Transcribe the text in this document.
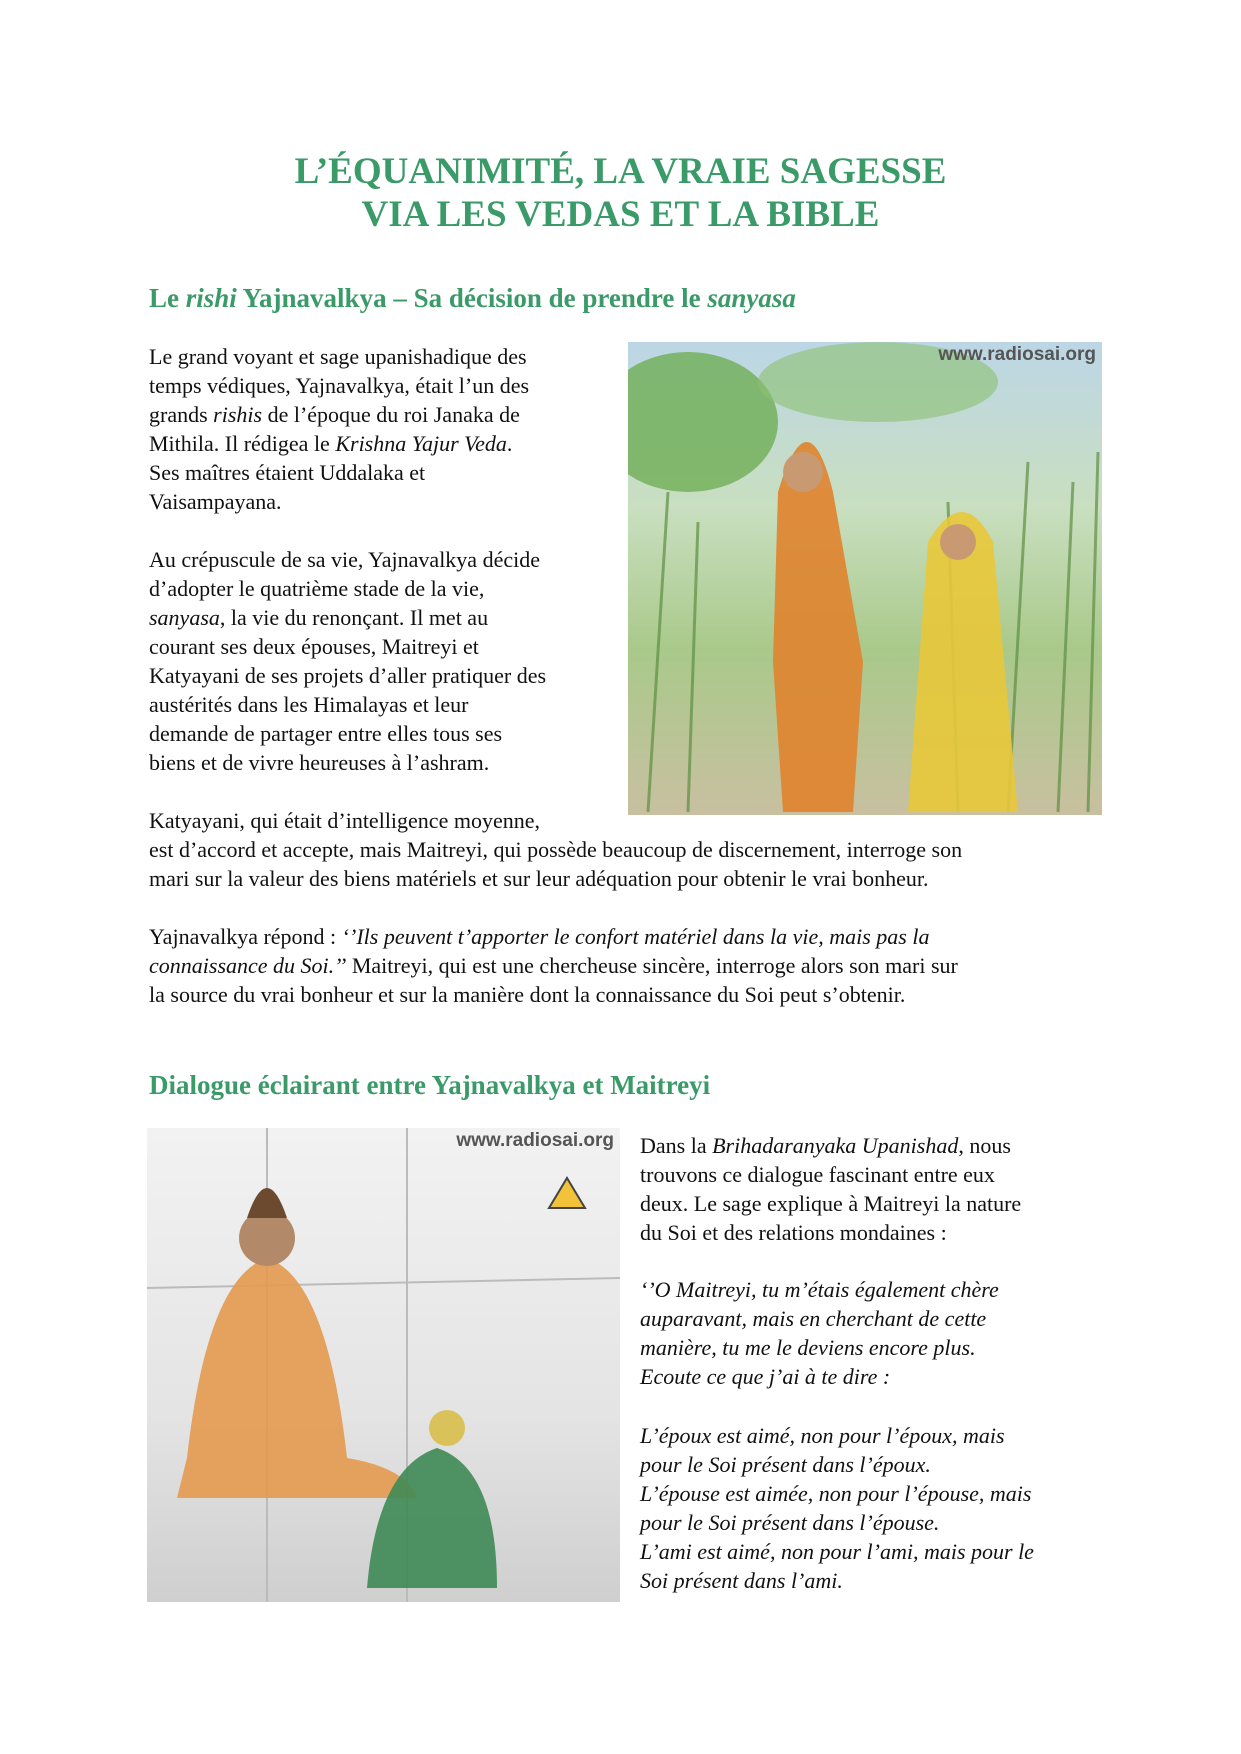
L’ÉQUANIMITÉ, LA VRAIE SAGESSE
VIA LES VEDAS ET LA BIBLE
Le rishi Yajnavalkya – Sa décision de prendre le sanyasa
www.radiosai.org
Le grand voyant et sage upanishadique des
temps védiques, Yajnavalkya, était l’un des
grands rishis de l’époque du roi Janaka de
Mithila. Il rédigea le Krishna Yajur Veda.
Ses maîtres étaient Uddalaka et
Vaisampayana.
Au crépuscule de sa vie, Yajnavalkya décide
d’adopter le quatrième stade de la vie,
sanyasa, la vie du renonçant. Il met au
courant ses deux épouses, Maitreyi et
Katyayani de ses projets d’aller pratiquer des
austérités dans les Himalayas et leur
demande de partager entre elles tous ses
biens et de vivre heureuses à l’ashram.
Katyayani, qui était d’intelligence moyenne,
est d’accord et accepte, mais Maitreyi, qui possède beaucoup de discernement, interroge son
mari sur la valeur des biens matériels et sur leur adéquation pour obtenir le vrai bonheur.
Yajnavalkya répond : ‘’Ils peuvent t’apporter le confort matériel dans la vie, mais pas la
connaissance du Soi.’’ Maitreyi, qui est une chercheuse sincère, interroge alors son mari sur
la source du vrai bonheur et sur la manière dont la connaissance du Soi peut s’obtenir.
Dialogue éclairant entre Yajnavalkya et Maitreyi
www.radiosai.org Dans la Brihadaranyaka Upanishad, nous
trouvons ce dialogue fascinant entre eux
deux. Le sage explique à Maitreyi la nature
du Soi et des relations mondaines :
‘’O Maitreyi, tu m’étais également chère
auparavant, mais en cherchant de cette
manière, tu me le deviens encore plus.
Ecoute ce que j’ai à te dire :
L’époux est aimé, non pour l’époux, mais
pour le Soi présent dans l’époux.
L’épouse est aimée, non pour l’épouse, mais
pour le Soi présent dans l’épouse.
L’ami est aimé, non pour l’ami, mais pour le
Soi présent dans l’ami.
